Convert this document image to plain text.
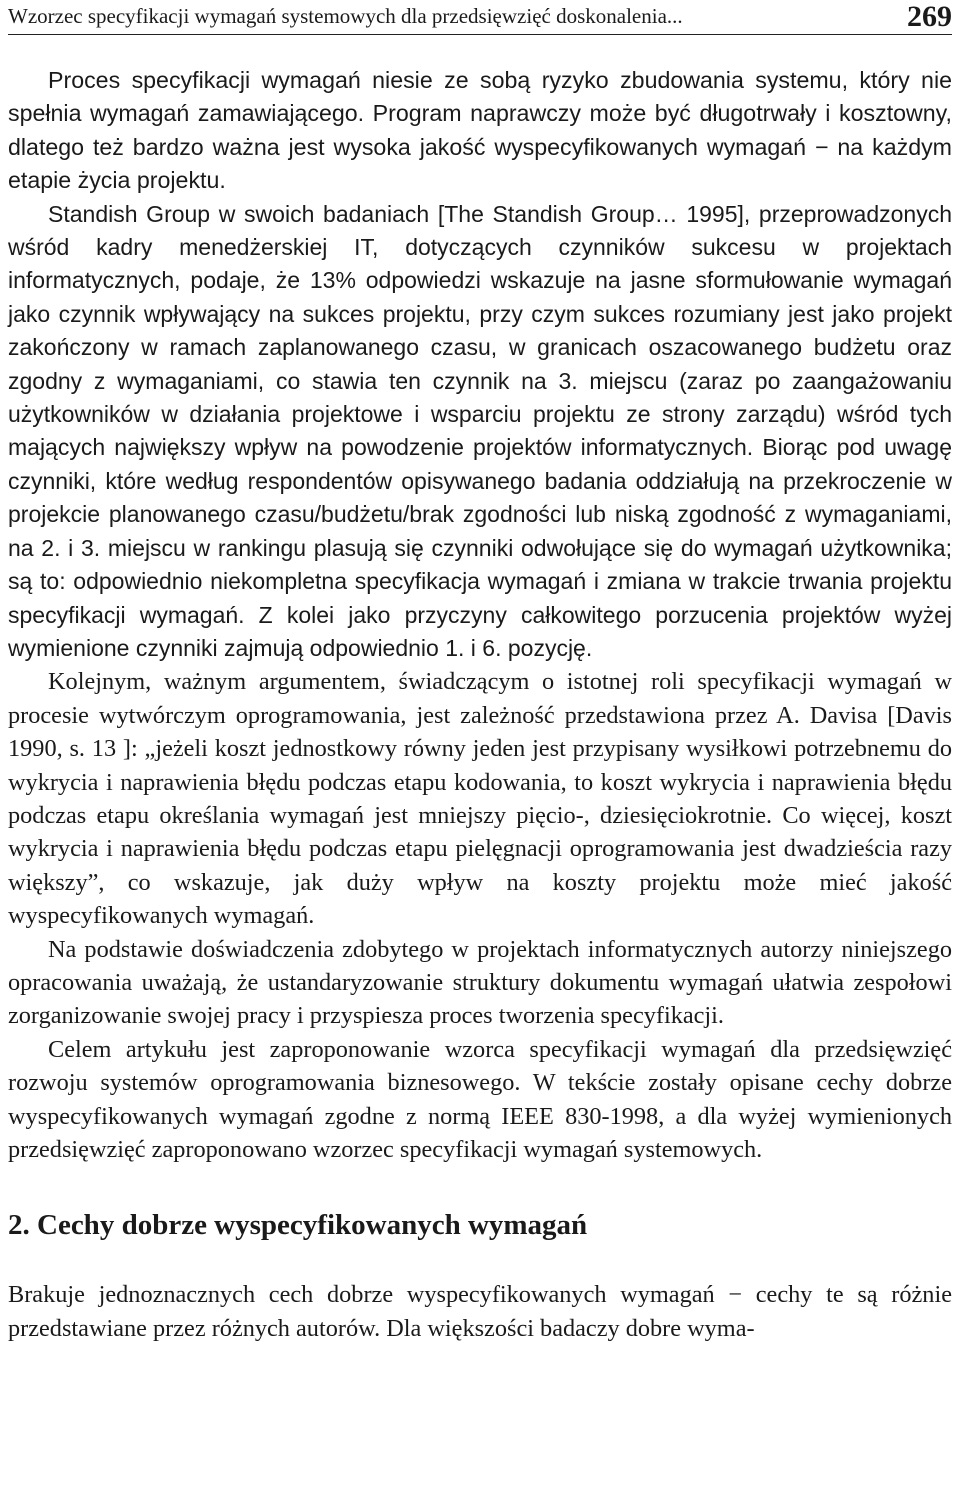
Wzorzec specyfikacji wymagań systemowych dla przedsięwzięć doskonalenia...	269

Proces specyfikacji wymagań niesie ze sobą ryzyko zbudowania systemu, który nie spełnia wymagań zamawiającego. Program naprawczy może być długotrwały i kosztowny, dlatego też bardzo ważna jest wysoka jakość wyspecyfikowanych wymagań − na każdym etapie życia projektu.

Standish Group w swoich badaniach [The Standish Group… 1995], przeprowadzonych wśród kadry menedżerskiej IT, dotyczących czynników sukcesu w projektach informatycznych, podaje, że 13% odpowiedzi wskazuje na jasne sformułowanie wymagań jako czynnik wpływający na sukces projektu, przy czym sukces rozumiany jest jako projekt zakończony w ramach zaplanowanego czasu, w granicach oszacowanego budżetu oraz zgodny z wymaganiami, co stawia ten czynnik na 3. miejscu (zaraz po zaangażowaniu użytkowników w działania projektowe i wsparciu projektu ze strony zarządu) wśród tych mających największy wpływ na powodzenie projektów informatycznych. Biorąc pod uwagę czynniki, które według respondentów opisywanego badania oddziałują na przekroczenie w projekcie planowanego czasu/budżetu/brak zgodności lub niską zgodność z wymaganiami, na 2. i 3. miejscu w rankingu plasują się czynniki odwołujące się do wymagań użytkownika; są to: odpowiednio niekompletna specyfikacja wymagań i zmiana w trakcie trwania projektu specyfikacji wymagań. Z kolei jako przyczyny całkowitego porzucenia projektów wyżej wymienione czynniki zajmują odpowiednio 1. i 6. pozycję.

Kolejnym, ważnym argumentem, świadczącym o istotnej roli specyfikacji wymagań w procesie wytwórczym oprogramowania, jest zależność przedstawiona przez A. Davisa [Davis 1990, s. 13 ]: „jeżeli koszt jednostkowy równy jeden jest przypisany wysiłkowi potrzebnemu do wykrycia i naprawienia błędu podczas etapu kodowania, to koszt wykrycia i naprawienia błędu podczas etapu określania wymagań jest mniejszy pięcio-, dziesięciokrotnie. Co więcej, koszt wykrycia i naprawienia błędu podczas etapu pielęgnacji oprogramowania jest dwadzieścia razy większy”, co wskazuje, jak duży wpływ na koszty projektu może mieć jakość wyspecyfikowanych wymagań.

Na podstawie doświadczenia zdobytego w projektach informatycznych autorzy niniejszego opracowania uważają, że ustandaryzowanie struktury dokumentu wymagań ułatwia zespołowi zorganizowanie swojej pracy i przyspiesza proces tworzenia specyfikacji.

Celem artykułu jest zaproponowanie wzorca specyfikacji wymagań dla przedsięwzięć rozwoju systemów oprogramowania biznesowego. W tekście zostały opisane cechy dobrze wyspecyfikowanych wymagań zgodne z normą IEEE 830-1998, a dla wyżej wymienionych przedsięwzięć zaproponowano wzorzec specyfikacji wymagań systemowych.

2. Cechy dobrze wyspecyfikowanych wymagań

Brakuje jednoznacznych cech dobrze wyspecyfikowanych wymagań − cechy te są różnie przedstawiane przez różnych autorów. Dla większości badaczy dobre wyma-
